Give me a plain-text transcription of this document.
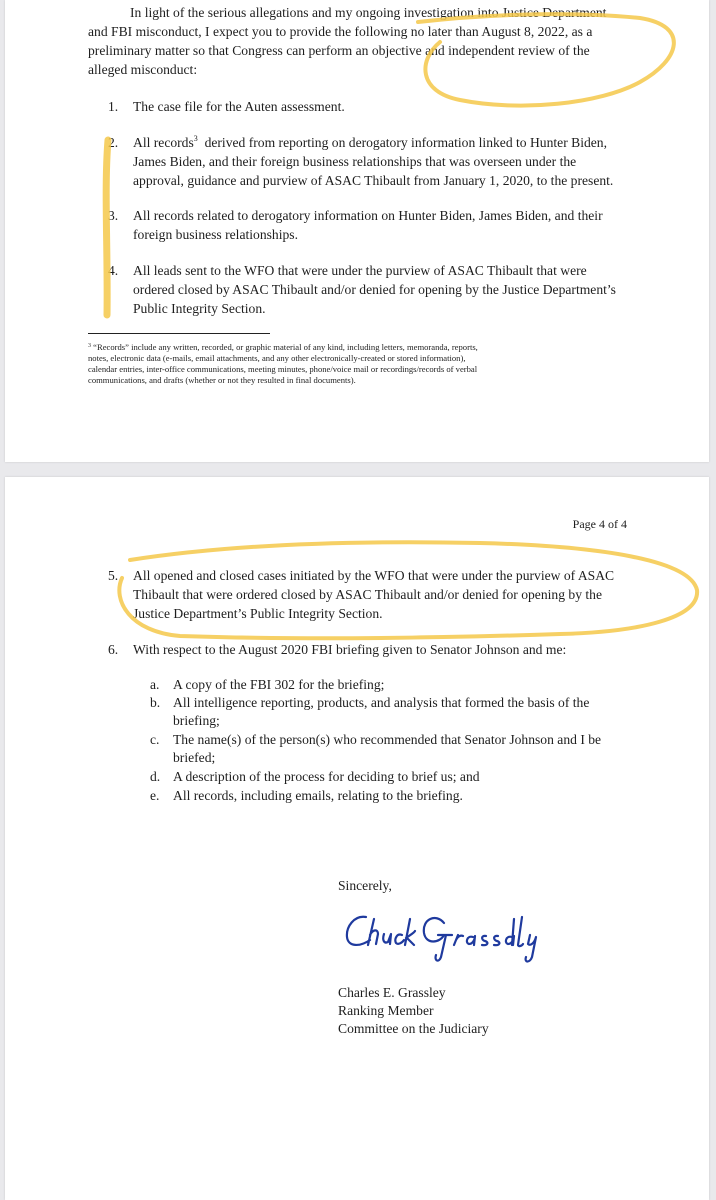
In light of the serious allegations and my ongoing investigation into Justice Department and FBI misconduct, I expect you to provide the following no later than August 8, 2022, as a preliminary matter so that Congress can perform an objective and independent review of the alleged misconduct:

1. The case file for the Auten assessment.
2. All records$^3$  derived from reporting on derogatory information linked to Hunter Biden,
James Biden, and their foreign business relationships that was overseen under the
approval, guidance and purview of ASAC Thibault from January 1, 2020, to the present.
3. All records related to derogatory information on Hunter Biden, James Biden, and their
foreign business relationships.
4. All leads sent to the WFO that were under the purview of ASAC Thibault that were
ordered closed by ASAC Thibault and/or denied for opening by the Justice Department’s
Public Integrity Section.
$^3$ “Records” include any written, recorded, or graphic material of any kind, including letters, memoranda, reports,
notes, electronic data (e-mails, email attachments, and any other electronically-created or stored information),
calendar entries, inter-office communications, meeting minutes, phone/voice mail or recordings/records of verbal
communications, and drafts (whether or not they resulted in final documents).
Page 4 of 4
5. All opened and closed cases initiated by the WFO that were under the purview of ASAC
Thibault that were ordered closed by ASAC Thibault and/or denied for opening by the
Justice Department’s Public Integrity Section.
6. With respect to the August 2020 FBI briefing given to Senator Johnson and me:
a. A copy of the FBI 302 for the briefing;
b. All intelligence reporting, products, and analysis that formed the basis of the
briefing;
c. The name(s) of the person(s) who recommended that Senator Johnson and I be
briefed;
d. A description of the process for deciding to brief us; and
e. All records, including emails, relating to the briefing.
Sincerely,
Charles E. Grassley
Ranking Member
Committee on the Judiciary
